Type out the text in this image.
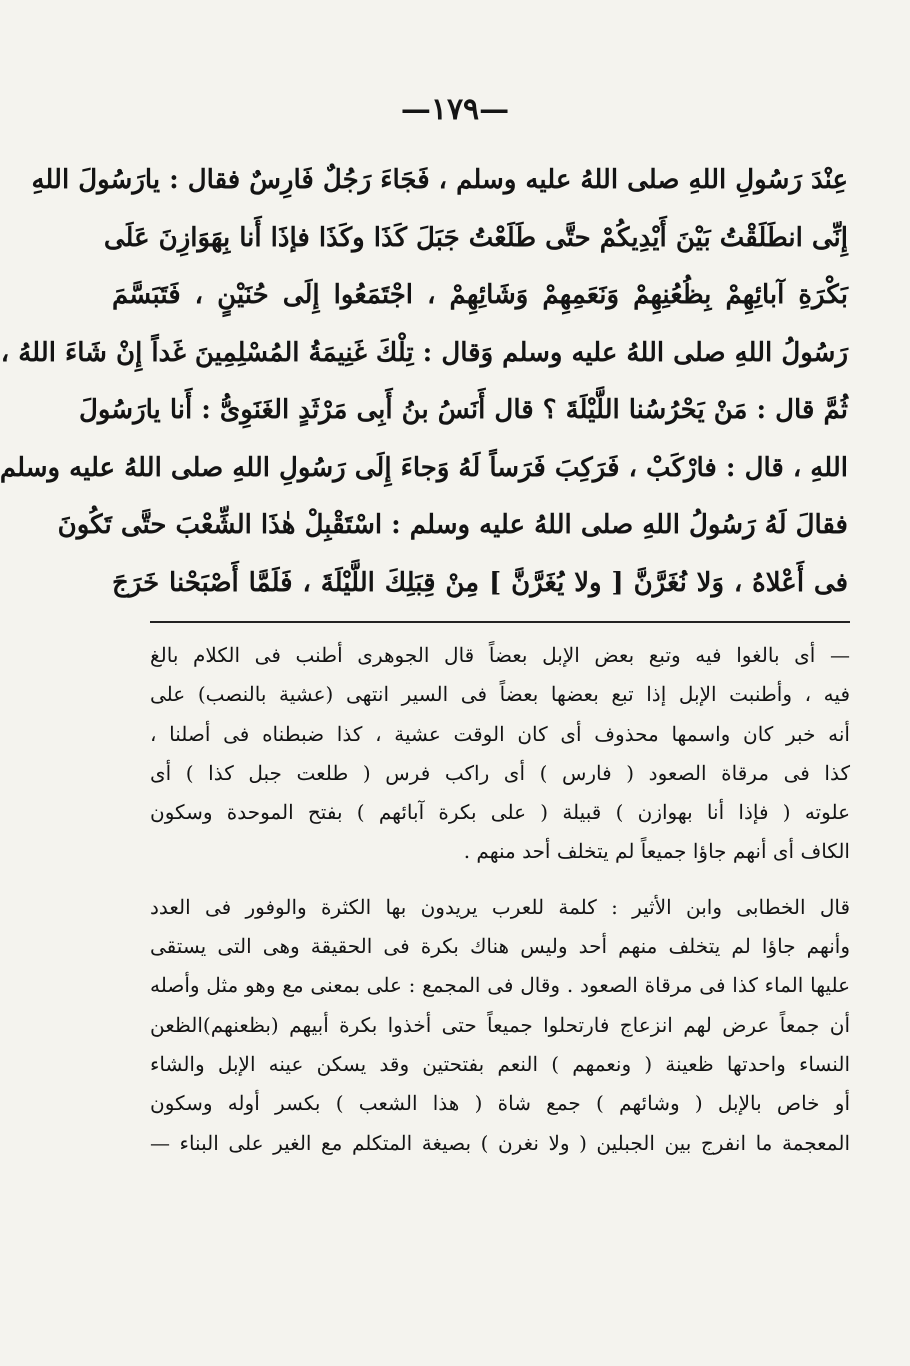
—١٧٩—
عِنْدَ رَسُولِ اللهِ صلى اللهُ عليه وسلم ، فَجَاءَ رَجُلٌ فَارِسٌ فقال : يارَسُولَ اللهِ
إِنِّى انطَلَقْتُ بَيْنَ أَيْدِيكُمْ حتَّى طَلَعْتُ جَبَلَ كَذَا وكَذَا فإذَا أَنا بِهَوَازِنَ عَلَى
بَكْرَةِ آبائِهِمْ بِظُعُنِهِمْ وَنَعَمِهِمْ وَشَائِهِمْ ، اجْتَمَعُوا إِلَى حُنَيْنٍ ، فَتَبَسَّمَ
رَسُولُ اللهِ صلى اللهُ عليه وسلم وَقال : تِلْكَ غَنِيمَةُ المُسْلِمِينَ غَداً إِنْ شَاءَ اللهُ ،
ثُمَّ قال : مَنْ يَحْرُسُنا اللَّيْلَةَ ؟ قال أَنَسُ بنُ أَبِى مَرْثَدٍ الغَنَوِىُّ : أَنا يارَسُولَ
اللهِ ، قال : فارْكَبْ ، فَرَكِبَ فَرَساً لَهُ وَجاءَ إِلَى رَسُولِ اللهِ صلى اللهُ عليه وسلم
فقالَ لَهُ رَسُولُ اللهِ صلى اللهُ عليه وسلم : اسْتَقْبِلْ هٰذَا الشِّعْبَ حتَّى تَكُونَ
فى أَعْلاهُ ، وَلا نُغَرَّنَّ [ ولا يُغَرَّنَّ ] مِنْ قِبَلِكَ اللَّيْلَةَ ، فَلَمَّا أَصْبَحْنا خَرَجَ
— أى بالغوا فيه وتبع بعض الإبل بعضاً قال الجوهرى أطنب فى الكلام بالغ
فيه ، وأطنبت الإبل إذا تبع بعضها بعضاً فى السير انتهى (عشية بالنصب) على
أنه خبر كان واسمها محذوف أى كان الوقت عشية ، كذا ضبطناه فى أصلنا ،
كذا فى مرقاة الصعود ( فارس ) أى راكب فرس ( طلعت جبل كذا ) أى
علوته ( فإذا أنا بهوازن ) قبيلة ( على بكرة آبائهم ) بفتح الموحدة وسكون
الكاف أى أنهم جاؤا جميعاً لم يتخلف أحد منهم .
قال الخطابى وابن الأثير : كلمة للعرب يريدون بها الكثرة والوفور فى العدد
وأنهم جاؤا لم يتخلف منهم أحد وليس هناك بكرة فى الحقيقة وهى التى يستقى
عليها الماء كذا فى مرقاة الصعود . وقال فى المجمع : على بمعنى مع وهو مثل وأصله
أن جمعاً عرض لهم انزعاج فارتحلوا جميعاً حتى أخذوا بكرة أبيهم (بظعنهم)الظعن
النساء واحدتها ظعينة ( ونعمهم ) النعم بفتحتين وقد يسكن عينه الإبل والشاء
أو خاص بالإبل ( وشائهم ) جمع شاة ( هذا الشعب ) بكسر أوله وسكون
المعجمة ما انفرج بين الجبلين ( ولا نغرن ) بصيغة المتكلم مع الغير على البناء —
